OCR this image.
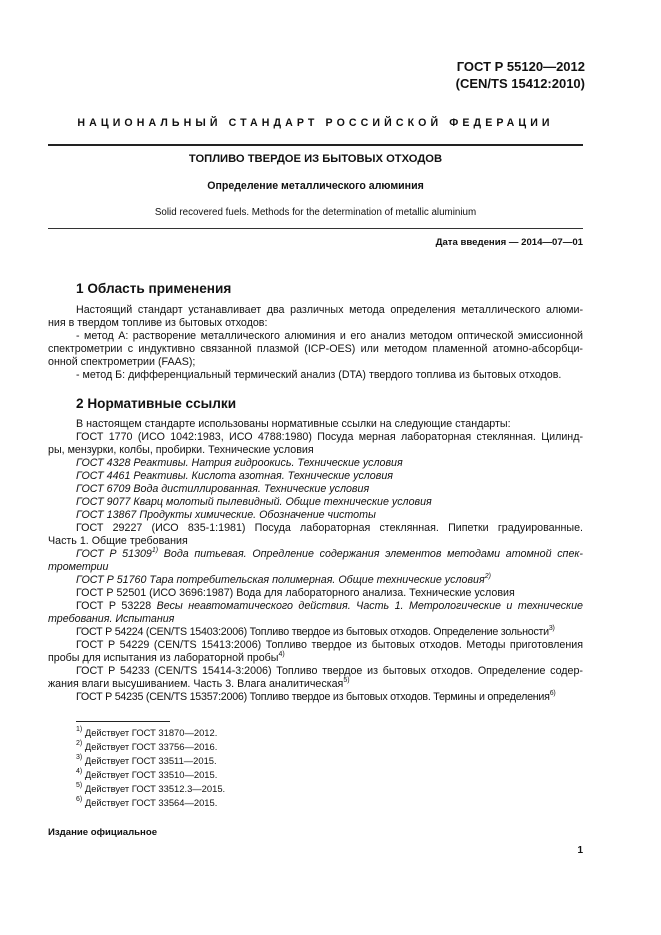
ГОСТ Р 55120—2012
(CEN/TS 15412:2010)
НАЦИОНАЛЬНЫЙ СТАНДАРТ РОССИЙСКОЙ ФЕДЕРАЦИИ
ТОПЛИВО ТВЕРДОЕ ИЗ БЫТОВЫХ ОТХОДОВ
Определение металлического алюминия
Solid recovered fuels. Methods for the determination of metallic aluminium
Дата введения — 2014—07—01
1 Область применения
Настоящий стандарт устанавливает два различных метода определения металлического алюми-
ния в твердом топливе из бытовых отходов:
- метод А: растворение металлического алюминия и его анализ методом оптической эмиссионной
спектрометрии с индуктивно связанной плазмой (ICP-OES) или методом пламенной атомно-абсорбци-
онной спектрометрии (FAAS);
- метод Б: дифференциальный термический анализ (DTA) твердого топлива из бытовых отходов.
2 Нормативные ссылки
В настоящем стандарте использованы нормативные ссылки на следующие стандарты:
ГОСТ 1770 (ИСО 1042:1983, ИСО 4788:1980) Посуда мерная лабораторная стеклянная. Цилинд-
ры, мензурки, колбы, пробирки. Технические условия
ГОСТ 4328 Реактивы. Натрия гидроокись. Технические условия
ГОСТ 4461 Реактивы. Кислота азотная. Технические условия
ГОСТ 6709 Вода дистиллированная. Технические условия
ГОСТ 9077 Кварц молотый пылевидный. Общие технические условия
ГОСТ 13867 Продукты химические. Обозначение чистоты
ГОСТ 29227 (ИСО 835-1:1981) Посуда лабораторная стеклянная. Пипетки градуированные.
Часть 1. Общие требования
ГОСТ Р 51309$^{1)}$ Вода питьевая. Опредление содержания элементов методами атомной спек-
трометрии
ГОСТ Р 51760 Тара потребительская полимерная. Общие технические условия$^{2)}$
ГОСТ Р 52501 (ИСО 3696:1987) Вода для лабораторного анализа. Технические условия
ГОСТ Р 53228 Весы неавтоматического действия. Часть 1. Метрологические и технические
требования. Испытания
ГОСТ Р 54224 (CEN/TS 15403:2006) Топливо твердое из бытовых отходов. Определение зольности$^{3)}$
ГОСТ Р 54229 (CEN/TS 15413:2006) Топливо твердое из бытовых отходов. Методы приготовления
пробы для испытания из лабораторной пробы$^{4)}$
ГОСТ Р 54233 (CEN/TS 15414-3:2006) Топливо твердое из бытовых отходов. Определение содер-
жания влаги высушиванием. Часть 3. Влага аналитическая$^{5)}$
ГОСТ Р 54235 (CEN/TS 15357:2006) Топливо твердое из бытовых отходов. Термины и определения$^{6)}$
$^{1)}$ Действует ГОСТ 31870—2012.
$^{2)}$ Действует ГОСТ 33756—2016.
$^{3)}$ Действует ГОСТ 33511—2015.
$^{4)}$ Действует ГОСТ 33510—2015.
$^{5)}$ Действует ГОСТ 33512.3—2015.
$^{6)}$ Действует ГОСТ 33564—2015.
Издание официальное
1
